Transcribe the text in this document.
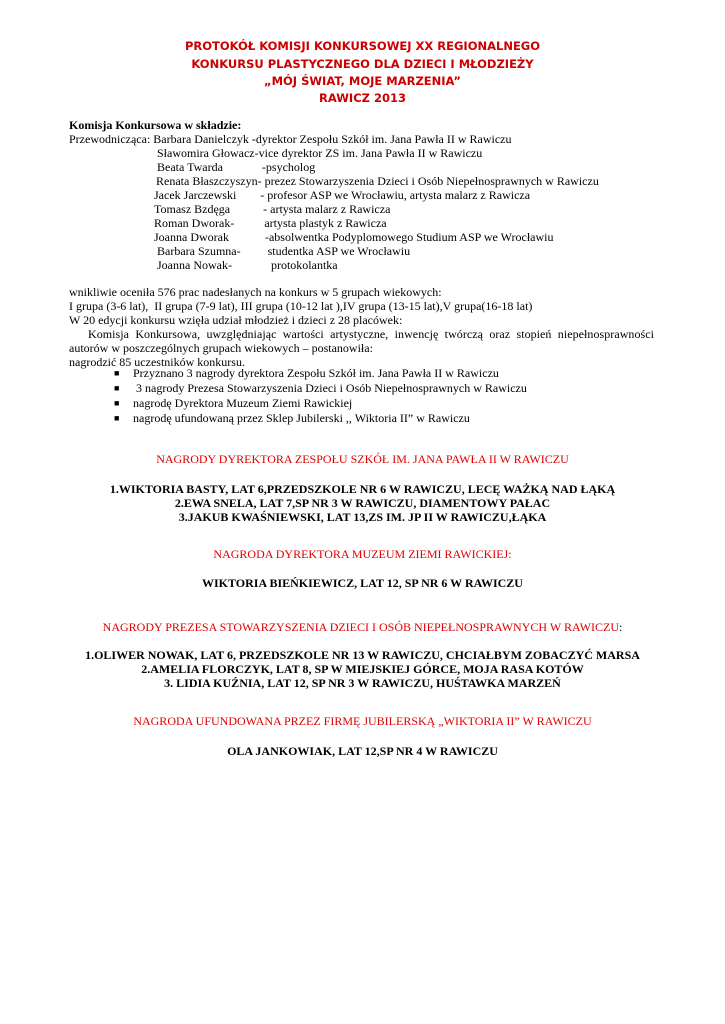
PROTOKÓŁ KOMISJI KONKURSOWEJ XX REGIONALNEGO
KONKURSU PLASTYCZNEGO DLA DZIECI I MŁODZIEŻY
„MÓJ ŚWIAT, MOJE MARZENIA”
RAWICZ 2013
Komisja Konkursowa w składzie:
Przewodnicząca: Barbara Danielczyk -dyrektor Zespołu Szkół im. Jana Pawła II w Rawiczu
Sławomira Głowacz-vice dyrektor ZS im. Jana Pawła II w Rawiczu
Beata Twarda             -psycholog
Renata Błaszczyszyn- prezez Stowarzyszenia Dzieci i Osób Niepełnosprawnych w Rawiczu
Jacek Jarczewski        - profesor ASP we Wrocławiu, artysta malarz z Rawicza
Tomasz Bzdęga           - artysta malarz z Rawicza
Roman Dworak-          artysta plastyk z Rawicza
Joanna Dworak            -absolwentka Podyplomowego Studium ASP we Wrocławiu
Barbara Szumna-         studentka ASP we Wrocławiu
Joanna Nowak-             protokolantka
wnikliwie oceniła 576 prac nadesłanych na konkurs w 5 grupach wiekowych:
I grupa (3-6 lat),  II grupa (7-9 lat), III grupa (10-12 lat ),IV grupa (13-15 lat),V grupa(16-18 lat)
W 20 edycji konkursu wzięła udział młodzież i dzieci z 28 placówek:
Komisja Konkursowa, uwzględniając wartości artystyczne, inwencję twórczą oraz stopień niepełnosprawności
autorów w poszczególnych grupach wiekowych – postanowiła:
nagrodzić 85 uczestników konkursu.
■ Przyznano 3 nagrody dyrektora Zespołu Szkół im. Jana Pawła II w Rawiczu
■ 3 nagrody Prezesa Stowarzyszenia Dzieci i Osób Niepełnosprawnych w Rawiczu
■ nagrodę Dyrektora Muzeum Ziemi Rawickiej
■ nagrodę ufundowaną przez Sklep Jubilerski ,, Wiktoria II” w Rawiczu
NAGRODY DYREKTORA ZESPOŁU SZKÓŁ IM. JANA PAWŁA II W RAWICZU
1.WIKTORIA BASTY, LAT 6,PRZEDSZKOLE NR 6 W RAWICZU, LECĘ WAŻKĄ NAD ŁĄKĄ
2.EWA SNELA, LAT 7,SP NR 3 W RAWICZU, DIAMENTOWY PAŁAC
3.JAKUB KWAŚNIEWSKI, LAT 13,ZS IM. JP II W RAWICZU,ŁĄKA
NAGRODA DYREKTORA MUZEUM ZIEMI RAWICKIEJ:
WIKTORIA BIEŃKIEWICZ, LAT 12, SP NR 6 W RAWICZU
NAGRODY PREZESA STOWARZYSZENIA DZIECI I OSÓB NIEPEŁNOSPRAWNYCH W RAWICZU:
1.OLIWER NOWAK, LAT 6, PRZEDSZKOLE NR 13 W RAWICZU, CHCIAŁBYM ZOBACZYĆ MARSA
2.AMELIA FLORCZYK, LAT 8, SP W MIEJSKIEJ GÓRCE, MOJA RASA KOTÓW
3. LIDIA KUŹNIA, LAT 12, SP NR 3 W RAWICZU, HUŚTAWKA MARZEŃ
NAGRODA UFUNDOWANA PRZEZ FIRMĘ JUBILERSKĄ „WIKTORIA II” W RAWICZU
OLA JANKOWIAK, LAT 12,SP NR 4 W RAWICZU
